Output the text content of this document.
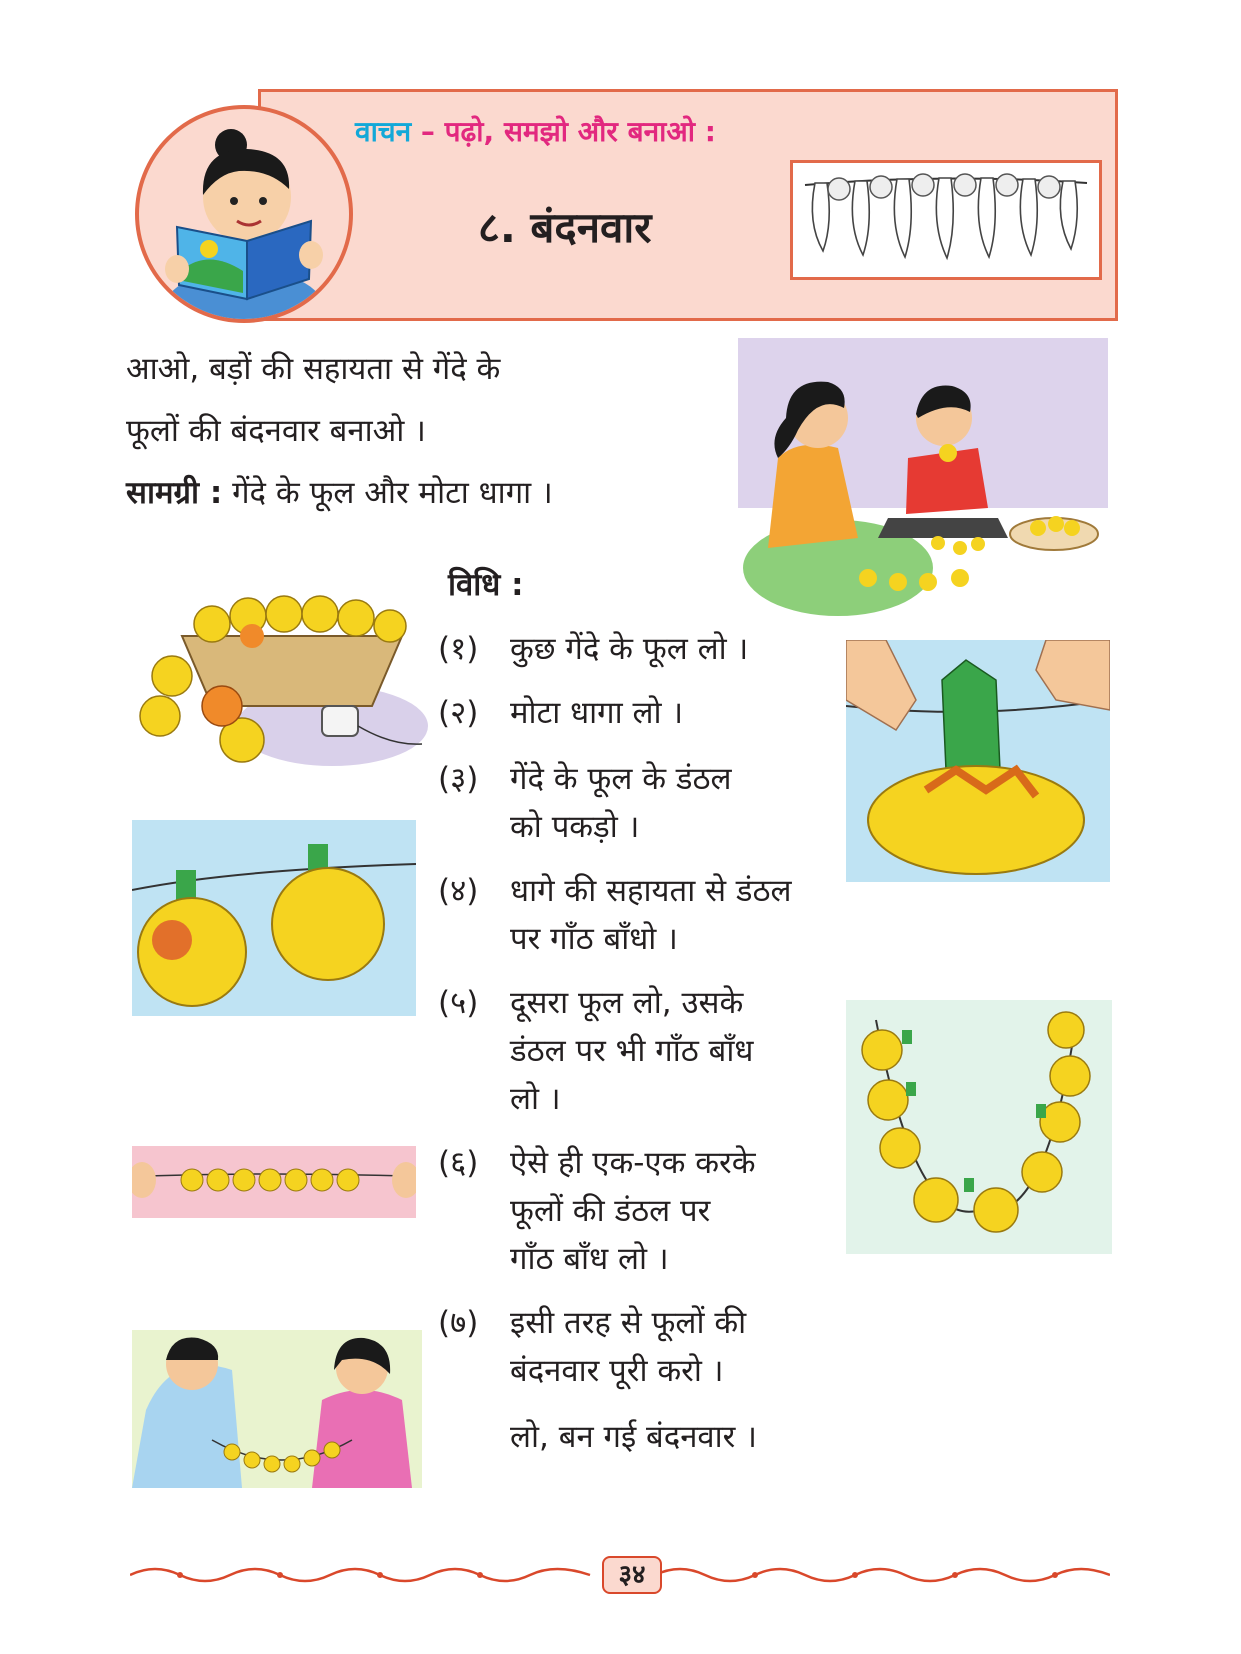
वाचन – पढ़ो, समझो और बनाओ :
८. बंदनवार
आओ, बड़ों की सहायता से गेंदे के
फूलों की बंदनवार बनाओ ।
सामग्री : गेंदे के फूल और मोटा धागा ।
विधि :
(१) कुछ गेंदे के फूल लो ।
(२) मोटा धागा लो ।
(३) गेंदे के फूल के डंठल
को पकड़ो ।
(४) धागे की सहायता से डंठल
पर गाँठ बाँधो ।
(५) दूसरा फूल लो, उसके
डंठल पर भी गाँठ बाँध
लो ।
(६) ऐसे ही एक-एक करके
फूलों की डंठल पर
गाँठ बाँध लो ।
(७) इसी तरह से फूलों की
बंदनवार पूरी करो ।
लो, बन गई बंदनवार ।
३४
